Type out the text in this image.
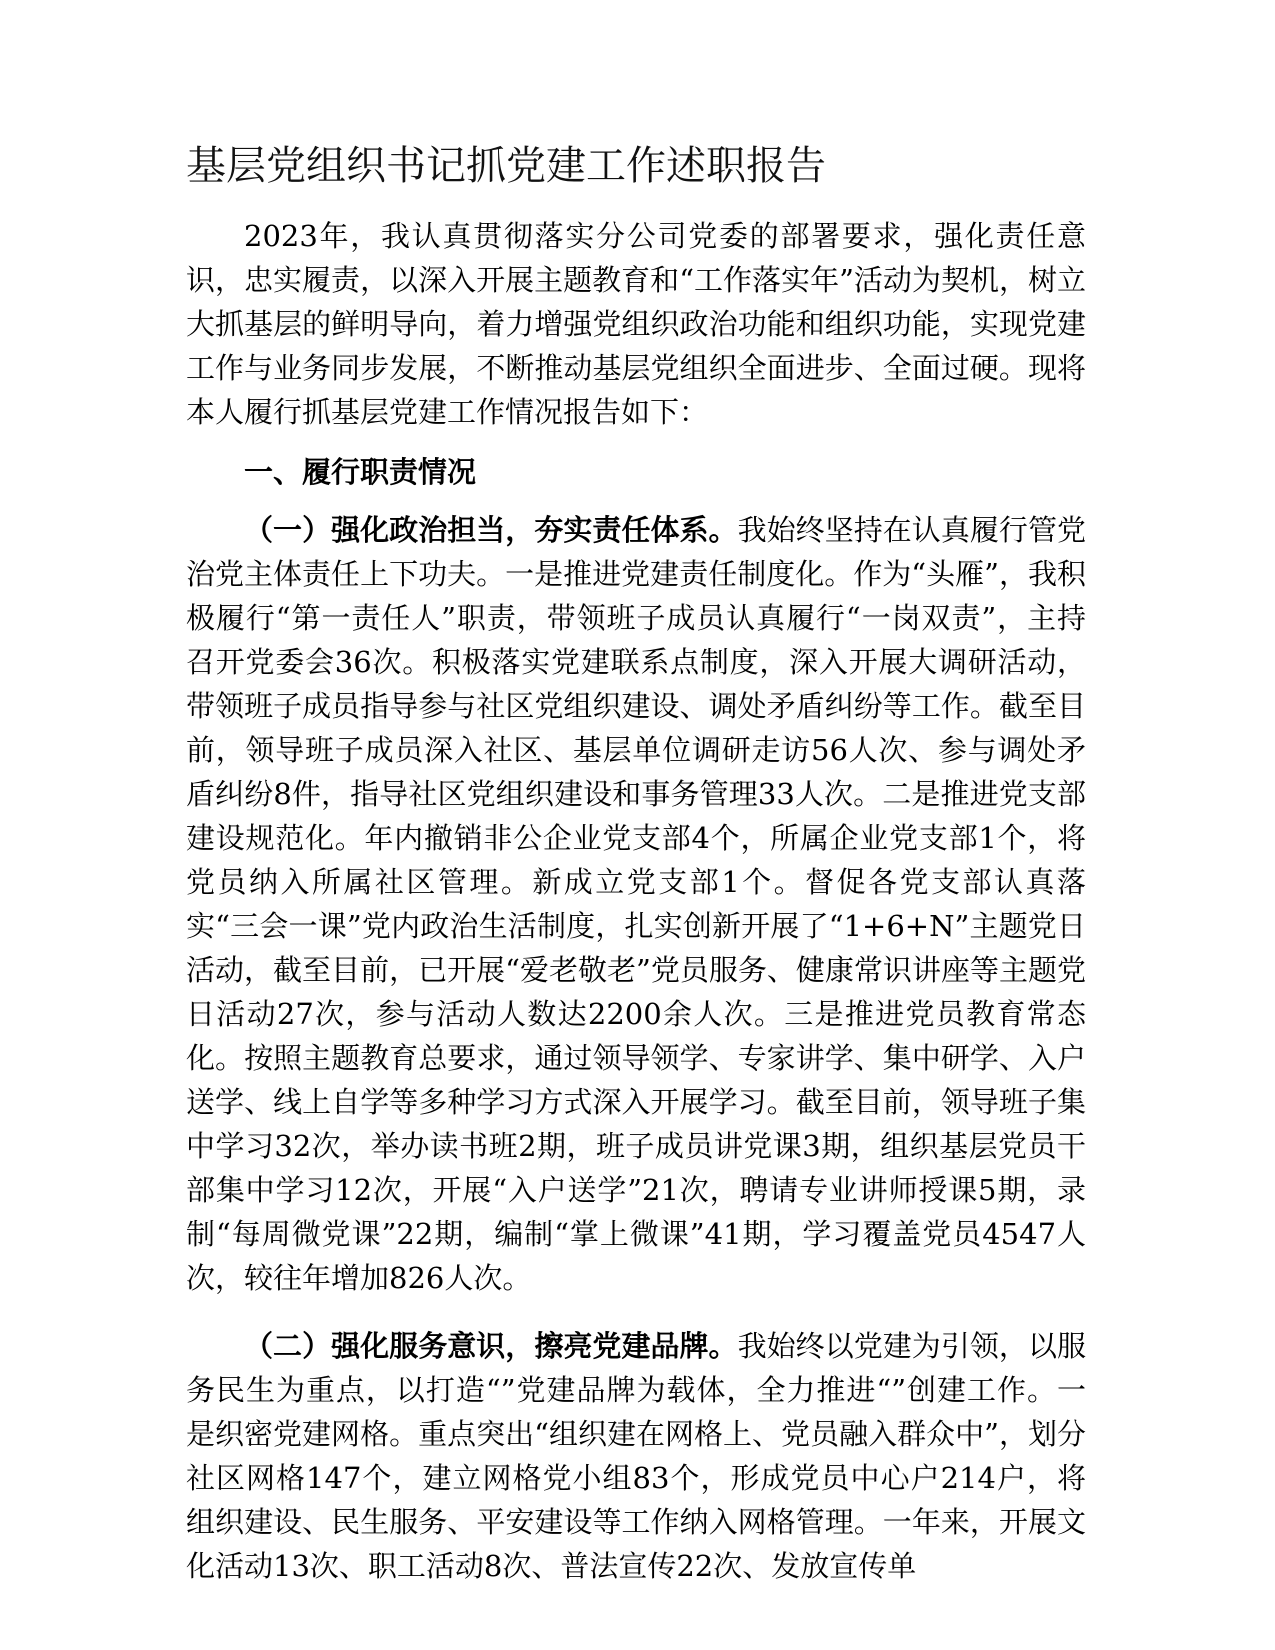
基层党组织书记抓党建工作述职报告

2023年，我认真贯彻落实分公司党委的部署要求，强化责任意识，忠实履责，以深入开展主题教育和“工作落实年”活动为契机，树立大抓基层的鲜明导向，着力增强党组织政治功能和组织功能，实现党建工作与业务同步发展，不断推动基层党组织全面进步、全面过硬。现将本人履行抓基层党建工作情况报告如下：

一、履行职责情况

（一）强化政治担当，夯实责任体系。我始终坚持在认真履行管党治党主体责任上下功夫。一是推进党建责任制度化。作为“头雁”，我积极履行“第一责任人”职责，带领班子成员认真履行“一岗双责”，主持召开党委会36次。积极落实党建联系点制度，深入开展大调研活动，带领班子成员指导参与社区党组织建设、调处矛盾纠纷等工作。截至目前，领导班子成员深入社区、基层单位调研走访56人次、参与调处矛盾纠纷8件，指导社区党组织建设和事务管理33人次。二是推进党支部建设规范化。年内撤销非公企业党支部4个，所属企业党支部1个，将党员纳入所属社区管理。新成立党支部1个。督促各党支部认真落实“三会一课”党内政治生活制度，扎实创新开展了“1+6+N”主题党日活动，截至目前，已开展“爱老敬老”党员服务、健康常识讲座等主题党日活动27次，参与活动人数达2200余人次。三是推进党员教育常态化。按照主题教育总要求，通过领导领学、专家讲学、集中研学、入户送学、线上自学等多种学习方式深入开展学习。截至目前，领导班子集中学习32次，举办读书班2期，班子成员讲党课3期，组织基层党员干部集中学习12次，开展“入户送学”21次，聘请专业讲师授课5期，录制“每周微党课”22期，编制“掌上微课”41期，学习覆盖党员4547人次，较往年增加826人次。

（二）强化服务意识，擦亮党建品牌。我始终以党建为引领，以服务民生为重点，以打造“”党建品牌为载体，全力推进“”创建工作。一是织密党建网格。重点突出“组织建在网格上、党员融入群众中”，划分社区网格147个，建立网格党小组83个，形成党员中心户214户，将组织建设、民生服务、平安建设等工作纳入网格管理。一年来，开展文化活动13次、职工活动8次、普法宣传22次、发放宣传单
